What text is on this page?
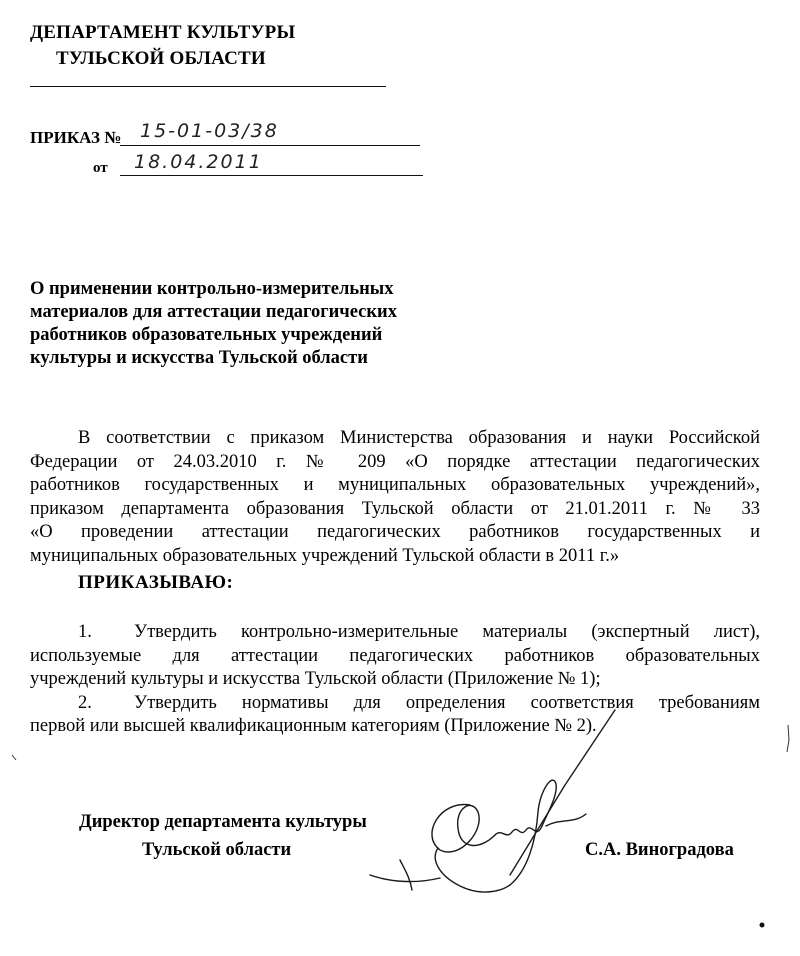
ДЕПАРТАМЕНТ КУЛЬТУРЫ
ТУЛЬСКОЙ ОБЛАСТИ
ПРИКАЗ № 15-01-03/38
от 18.04.2011
О применении контрольно-измерительных
материалов для аттестации педагогических
работников образовательных учреждений
культуры и искусства Тульской области
В соответствии с приказом Министерства образования и науки Российской
Федерации от 24.03.2010 г. № 209 «О порядке аттестации педагогических
работников государственных и муниципальных образовательных учреждений»,
приказом департамента образования Тульской области от 21.01.2011 г. № 33
«О проведении аттестации педагогических работников государственных и
муниципальных образовательных учреждений Тульской области в 2011 г.»
ПРИКАЗЫВАЮ:
Утвердить контрольно-измерительные материалы (экспертный лист),
1.
используемые для аттестации педагогических работников образовательных
учреждений культуры и искусства Тульской области (Приложение № 1);
Утвердить нормативы для определения соответствия требованиям
2.
первой или высшей квалификационным категориям (Приложение № 2).
Директор департамента культуры
Тульской области	С.А. Виноградова
